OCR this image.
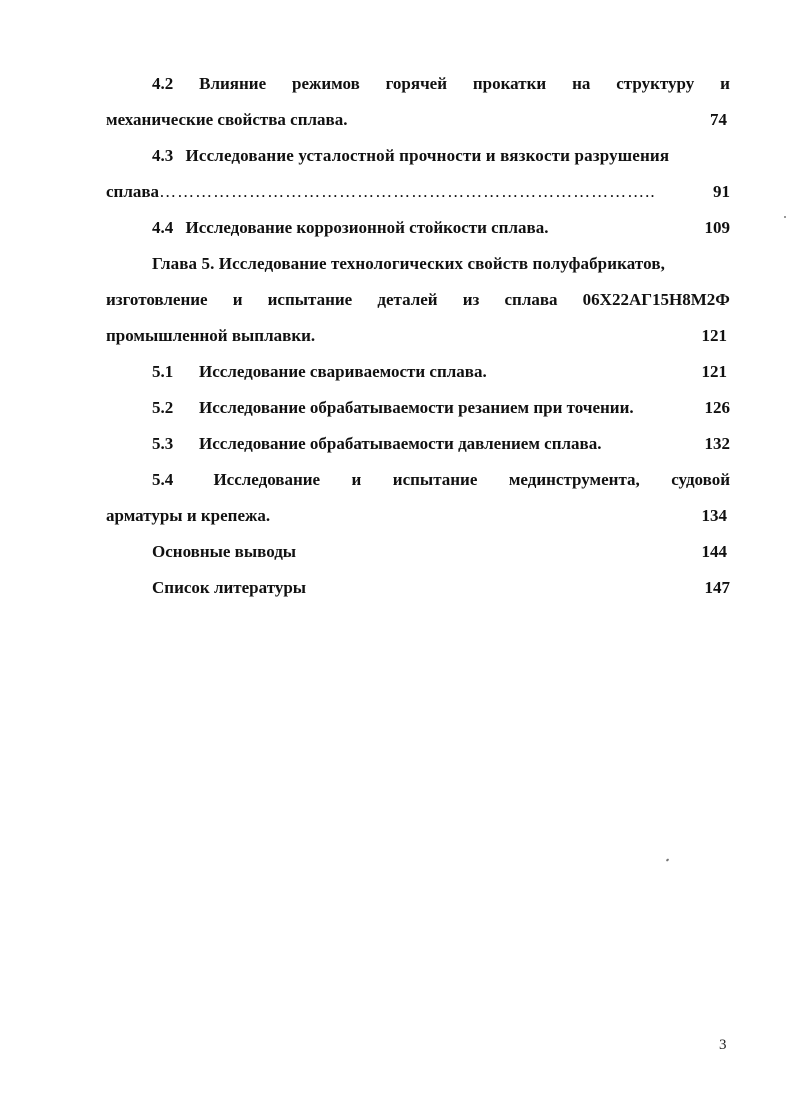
4.2 Влияние режимов горячей прокатки на структуру и
механические свойства сплава.	74
4.3 Исследование усталостной прочности и вязкости разрушения
сплава………………………………………………………………………..	91
4.4 Исследование коррозионной стойкости сплава.	109
Глава 5. Исследование технологических свойств полуфабрикатов,
изготовление и испытание деталей из сплава 06Х22АГ15Н8М2Ф
промышленной выплавки.	121
5.1 Исследование свариваемости сплава.	121
5.2 Исследование обрабатываемости резанием при точении.	126
5.3 Исследование обрабатываемости давлением сплава.	132
5.4	Исследование и испытание мединструмента, судовой
арматуры и крепежа.	134
Основные выводы	144
Список литературы	147
3
